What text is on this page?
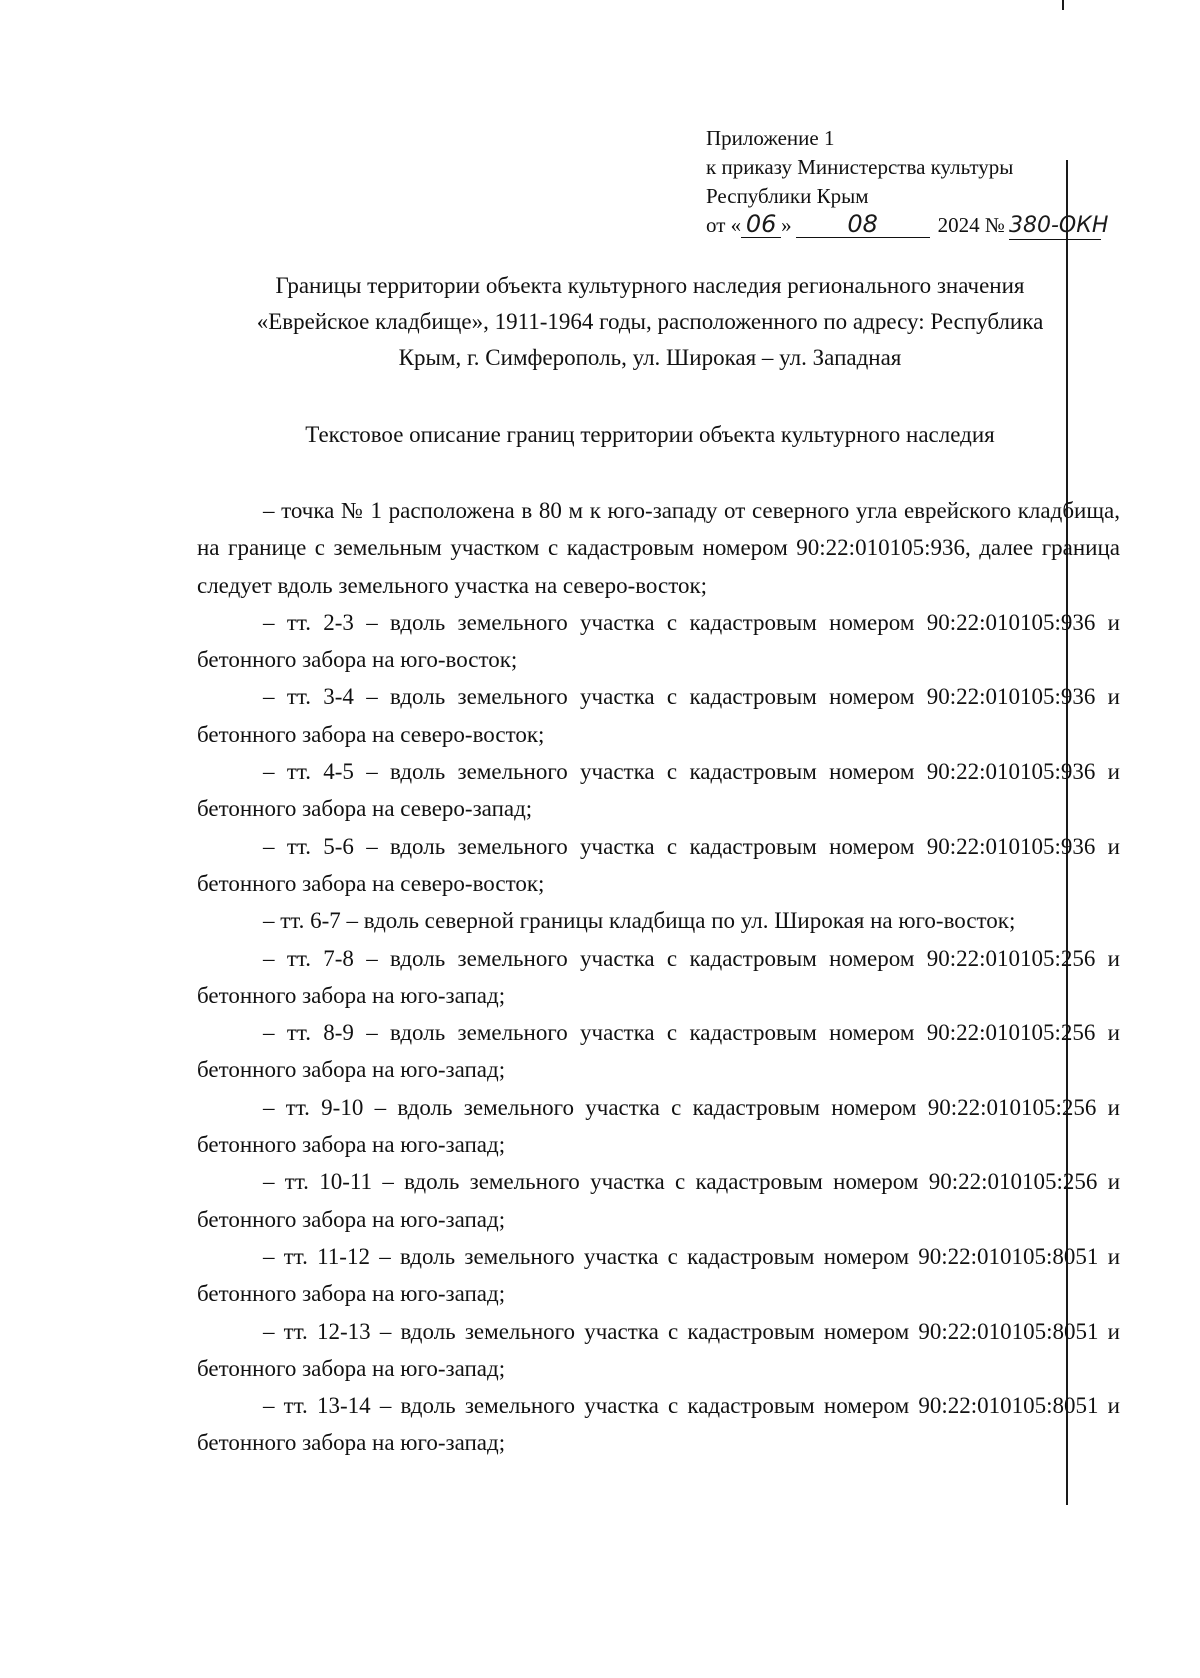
Приложение 1
к приказу Министерства культуры
Республики Крым
от « 06 » 08	2024 № 380-ОКН
Границы территории объекта культурного наследия регионального значения
«Еврейское кладбище», 1911-1964 годы, расположенного по адресу: Республика
Крым, г. Симферополь, ул. Широкая – ул. Западная
Текстовое описание границ территории объекта культурного наследия

– точка № 1 расположена в 80 м к юго-западу от северного угла еврейского кладбища, на границе с земельным участком с кадастровым номером 90:22:010105:936, далее граница следует вдоль земельного участка на северо-восток;

– тт. 2-3 – вдоль земельного участка с кадастровым номером 90:22:010105:936 и бетонного забора на юго-восток;

– тт. 3-4 – вдоль земельного участка с кадастровым номером 90:22:010105:936 и бетонного забора на северо-восток;

– тт. 4-5 – вдоль земельного участка с кадастровым номером 90:22:010105:936 и бетонного забора на северо-запад;

– тт. 5-6 – вдоль земельного участка с кадастровым номером 90:22:010105:936 и бетонного забора на северо-восток;

– тт. 6-7 – вдоль северной границы кладбища по ул. Широкая на юго-восток;

– тт. 7-8 – вдоль земельного участка с кадастровым номером 90:22:010105:256 и бетонного забора на юго-запад;

– тт. 8-9 – вдоль земельного участка с кадастровым номером 90:22:010105:256 и бетонного забора на юго-запад;

– тт. 9-10 – вдоль земельного участка с кадастровым номером 90:22:010105:256 и бетонного забора на юго-запад;

– тт. 10-11 – вдоль земельного участка с кадастровым номером 90:22:010105:256 и бетонного забора на юго-запад;

– тт. 11-12 – вдоль земельного участка с кадастровым номером 90:22:010105:8051 и бетонного забора на юго-запад;

– тт. 12-13 – вдоль земельного участка с кадастровым номером 90:22:010105:8051 и бетонного забора на юго-запад;

– тт. 13-14 – вдоль земельного участка с кадастровым номером 90:22:010105:8051 и бетонного забора на юго-запад;
